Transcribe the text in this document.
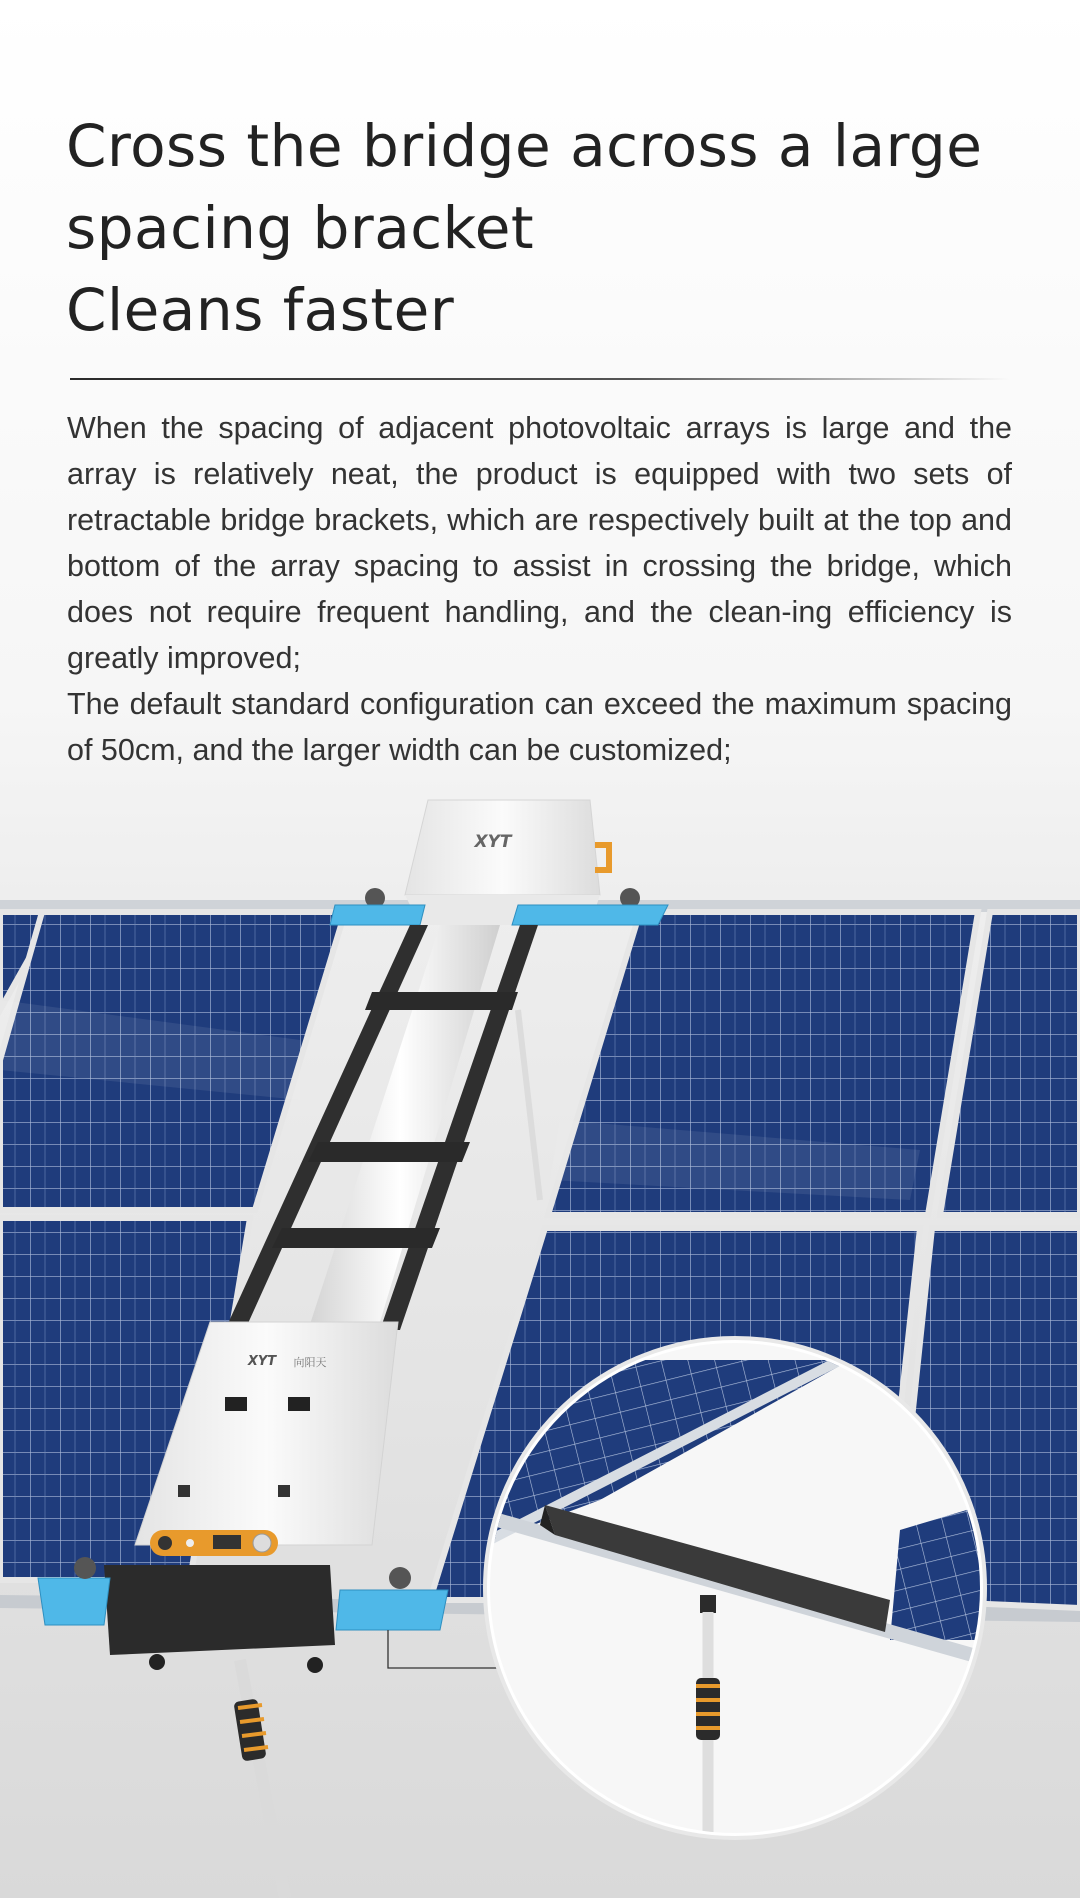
Cross the bridge across a large
spacing bracket
Cleans faster

When the spacing of adjacent photovoltaic arrays is large and the array is relatively neat, the product is equipped with two sets of retractable bridge brackets, which are respectively built at the top and bottom of the array spacing to assist in crossing the bridge, which does not require frequent handling, and the clean-ing efficiency is greatly improved;

The default standard configuration can exceed the maximum spacing of 50cm, and the larger width can be customized;

XYT
XYT 向阳天
